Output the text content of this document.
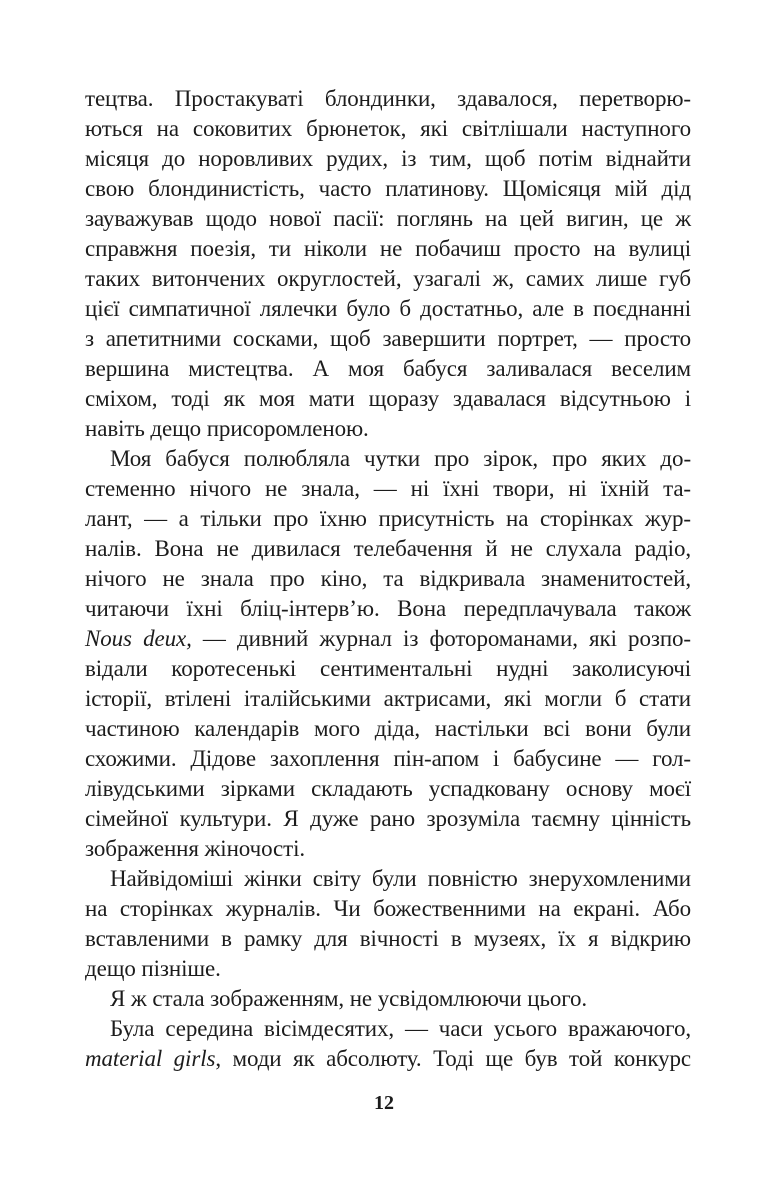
тецтва. Простакуваті блондинки, здавалося, перетворю-
ються на соковитих брюнеток, які світлішали наступного
місяця до норовливих рудих, із тим, щоб потім віднайти
свою блондинистість, часто платинову. Щомісяця мій дід
зауважував щодо нової пасії: поглянь на цей вигин, це ж
справжня поезія, ти ніколи не побачиш просто на вулиці
таких витончених округлостей, узагалі ж, самих лише губ
цієї симпатичної лялечки було б достатньо, але в поєднанні
з апетитними сосками, щоб завершити портрет, — просто
вершина мистецтва. А моя бабуся заливалася веселим
сміхом, тоді як моя мати щоразу здавалася відсутньою і
навіть дещо присоромленою.
Моя бабуся полюбляла чутки про зірок, про яких до-
стеменно нічого не знала, — ні їхні твори, ні їхній та-
лант, — а тільки про їхню присутність на сторінках жур-
налів. Вона не дивилася телебачення й не слухала радіо,
нічого не знала про кіно, та відкривала знаменитостей,
читаючи їхні бліц-інтерв’ю. Вона передплачувала також
Nous deux, — дивний журнал із фотороманами, які розпо-
відали коротесенькі сентиментальні нудні заколисуючі
історії, втілені італійськими актрисами, які могли б стати
частиною календарів мого діда, настільки всі вони були
схожими. Дідове захоплення пін-апом і бабусине — гол-
лівудськими зірками складають успадковану основу моєї
сімейної культури. Я дуже рано зрозуміла таємну цінність
зображення жіночості.
Найвідоміші жінки світу були повністю знерухомленими
на сторінках журналів. Чи божественними на екрані. Або
вставленими в рамку для вічності в музеях, їх я відкрию
дещо пізніше.
Я ж стала зображенням, не усвідомлюючи цього.
Була середина вісімдесятих, — часи усього вражаючого,
material girls, моди як абсолюту. Тоді ще був той конкурс
12
